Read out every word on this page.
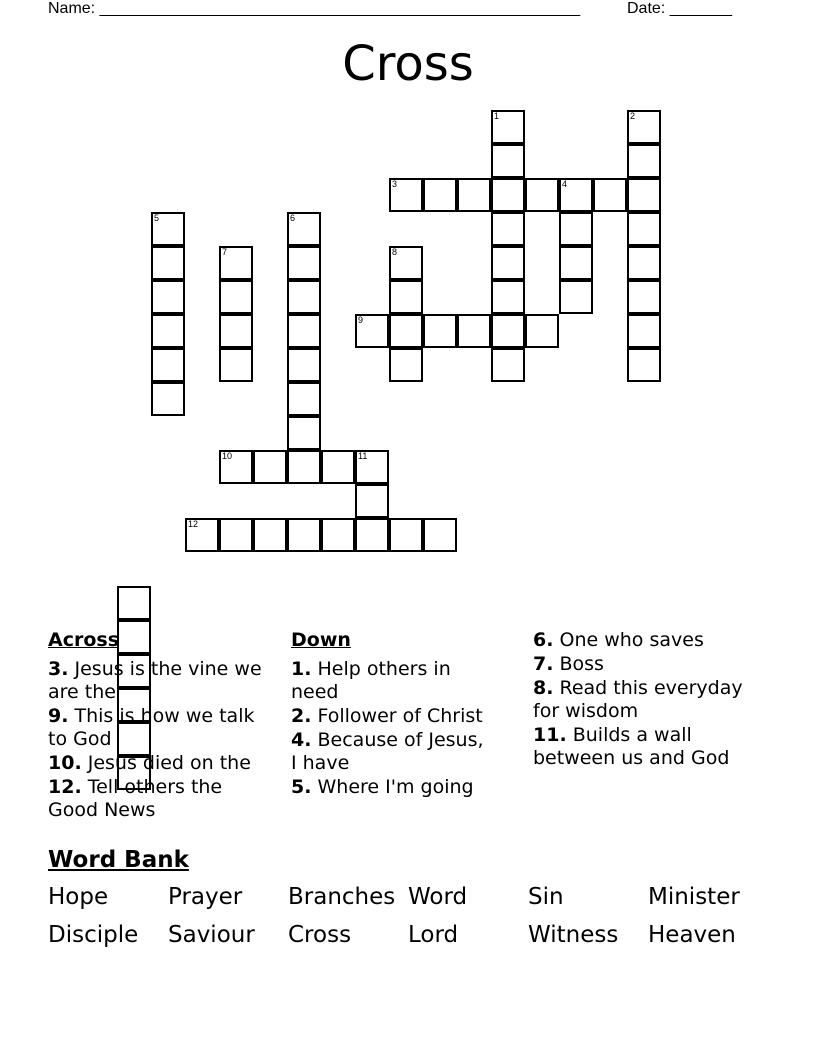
Name: ______________________________________________________	Date: _______
Cross
10	11
12
5
7
6
8
9
3	4
1	2
Across
3. Jesus is the vine we are the
9. This is how we talk to God
10. Jesus died on the
12. Tell others the Good News
Down
1. Help others in need
2. Follower of Christ
4. Because of Jesus, I have
5. Where I'm going
6. One who saves
7. Boss
8. Read this everyday for wisdom
11. Builds a wall between us and God
Word Bank
Hope	Prayer	Branches Word	Sin	Minister
Disciple	Saviour	Cross	Lord	Witness	Heaven
